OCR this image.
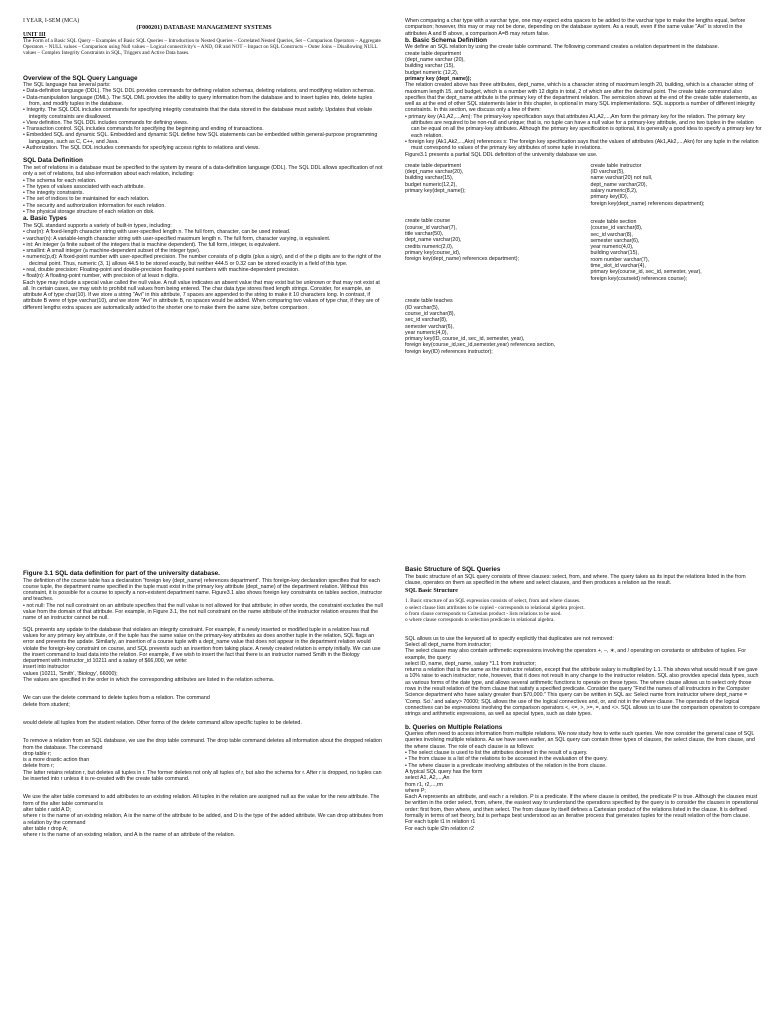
I YEAR, I-SEM (MCA)

(F000201) DATABASE MANAGEMENT SYSTEMS

UNIT III

The Form of a Basic SQL Query – Examples of Basic SQL Queries – Introduction to Nested Queries – Correlated Nested Queries, Set – Comparison Operators – Aggregate Operators – NULL values – Comparison using Null values – Logical connectivity's – AND, OR and NOT – Impact on SQL Constructs – Outer Joins – Disallowing NULL values – Complex Integrity Constraints in SQL, Triggers and Active Data bases.

Overview of the SQL Query Language

The SQL language has several parts:

• Data-definition language (DDL). The SQL DDL provides commands for defining relation schemas, deleting relations, and modifying relation schemas.

• Data-manipulation language (DML). The SQL DML provides the ability to query information from the database and to insert tuples into, delete tuples from, and modify tuples in the database.

• Integrity. The SQL DDL includes commands for specifying integrity constraints that the data stored in the database must satisfy. Updates that violate integrity constraints are disallowed.

• View definition. The SQL DDL includes commands for defining views.

• Transaction control. SQL includes commands for specifying the beginning and ending of transactions.

• Embedded SQL and dynamic SQL. Embedded and dynamic SQL define how SQL statements can be embedded within general-purpose programming languages, such as C, C++, and Java.

• Authorization. The SQL DDL includes commands for specifying access rights to relations and views.

SQL Data Definition

The set of relations in a database must be specified to the system by means of a data-definition language (DDL). The SQL DDL allows specification of not only a set of relations, but also information about each relation, including:

• The schema for each relation.

• The types of values associated with each attribute.

• The integrity constraints.

• The set of indices to be maintained for each relation.

• The security and authorization information for each relation.

• The physical storage structure of each relation on disk.

a. Basic Types

The SQL standard supports a variety of built-in types, including:

• char(n): A fixed-length character string with user-specified length n. The full form, character, can be used instead.

• varchar(n): A variable-length character string with user-specified maximum length n. The full form, character varying, is equivalent.

• int: An integer (a finite subset of the integers that is machine dependent). The full form, integer, is equivalent.

• smallint: A small integer (a machine-dependent subset of the integer type).

• numeric(p,d): A fixed-point number with user-specified precision. The number consists of p digits (plus a sign), and d of the p digits are to the right of the decimal point. Thus, numeric (3, 1) allows 44.5 to be stored exactly, but neither 444.5 or 0.32 can be stored exactly in a field of this type.

• real, double precision: Floating-point and double-precision floating-point numbers with machine-dependent precision.

• float(n): A floating-point number, with precision of at least n digits.

Each type may include a special value called the null value. A null value indicates an absent value that may exist but be unknown or that may not exist at all. In certain cases, we may wish to prohibit null values from being entered. The char data type stores fixed length strings. Consider, for example, an attribute A of type char(10). If we store a string "Avi" in this attribute, 7 spaces are appended to the string to make it 10 characters long. In contrast, if attribute B were of type varchar(10), and we store "Avi" in attribute B, no spaces would be added. When comparing two values of type char, if they are of different lengths extra spaces are automatically added to the shorter one to make them the same size, before comparison.

When comparing a char type with a varchar type, one may expect extra spaces to be added to the varchar type to make the lengths equal, before comparison; however, this may or may not be done, depending on the database system. As a result, even if the same value "Avi" is stored in the attributes A and B above, a comparison A=B may return false.

b. Basic Schema Definition

We define an SQL relation by using the create table command. The following command creates a relation department in the database.

create table department

(dept_name varchar (20),

building varchar (15),

budget numeric (12,2),

primary key (dept_name));

The relation created above has three attributes, dept_name, which is a character string of maximum length 20, building, which is a character string of maximum length 15, and budget, which is a number with 12 digits in total, 2 of which are after the decimal point. The create table command also specifies that the dept_name attribute is the primary key of the department relation. The semicolon shown at the end of the create table statements, as well as at the end of other SQL statements later in this chapter, is optional in many SQL implementations. SQL supports a number of different integrity constraints. In this section, we discuss only a few of them:

• primary key (A1,A2,...,Am): The primary-key specification says that attributes A1,A2,...,Am form the primary key for the relation. The primary key attributes are required to be non-null and unique; that is, no tuple can have a null value for a primary-key attribute, and no two tuples in the relation can be equal on all the primary-key attributes. Although the primary key specification is optional, it is generally a good idea to specify a primary key for each relation.

• foreign key (Ak1,Ak2,...,Akn) references s: The foreign key specification says that the values of attributes (Ak1,Ak2,...,Akn) for any tuple in the relation must correspond to values of the primary key attributes of some tuple in relations.

Figure3.1 presents a partial SQL DDL definition of the university database we use.

create table department

(dept_name varchar(20),

building varchar(15),

budget numeric(12,2),

primary key(dept_name));

create table course

(course_id varchar(7),

title varchar(50),

dept_name varchar(20),

credits numeric(2,0),

primary key(course_id),

foreign key(dept_name) references department);

create table teaches

(ID varchar(5),

course_id varchar(8),

sec_id varchar(8),

semester varchar(6),

year numeric(4,0),

primary key(ID, course_id, sec_id, semester, year),

foreign key(course_id,sec_id,semester,year) references section,

foreign key(ID) references instructor);

create table instructor

(ID varchar(5),

name varchar(20) not null,

dept_name varchar(20),

salary numeric(8,2),

primary key(ID),

foreign key(dept_name) references department);

create table section

(course_id varchar(8),

sec_id varchar(8),

semester varchar(6),

year numeric(4,0),

building varchar(15),

room number varchar(7),

time_slot_id varchar(4),

primary key(course_id, sec_id, semester, year),

foreign key(courseid) references course);

Figure 3.1 SQL data definition for part of the university database.

The definition of the course table has a declaration "foreign key (dept_name) references department". This foreign-key declaration specifies that for each course tuple, the department name specified in the tuple must exist in the primary key attribute (dept_name) of the department relation. Without this constraint, it is possible for a course to specify a non-existent department name. Figure3.1 also shows foreign key constraints on tables section, instructor and teaches.

• not null: The not null constraint on an attribute specifies that the null value is not allowed for that attribute; in other words, the constraint excludes the null value from the domain of that attribute. For example, in Figure 3.1, the not null constraint on the name attribute of the instructor relation ensures that the name of an instructor cannot be null.

SQL prevents any update to the database that violates an integrity constraint. For example, if a newly inserted or modified tuple in a relation has null values for any primary key attribute, or if the tuple has the same value on the primary-key attributes as does another tuple in the relation, SQL flags an error and prevents the update. Similarly, an insertion of a course tuple with a dept_name value that does not appear in the department relation would violate the foreign-key constraint on course, and SQL prevents such an insertion from taking place. A newly created relation is empty initially. We can use the insert command to load data into the relation. For example, if we wish to insert the fact that there is an instructor named Smith in the Biology department with instructor_id 10211 and a salary of $66,000, we write:

insert into instructor

values (10211, 'Smith', 'Biology', 66000);

The values are specified in the order in which the corresponding attributes are listed in the relation schema.

We can use the delete command to delete tuples from a relation. The command

delete from student;

would delete all tuples from the student relation. Other forms of the delete command allow specific tuples to be deleted.

To remove a relation from an SQL database, we use the drop table command. The drop table command deletes all information about the dropped relation from the database. The command

drop table r;

is a more drastic action than

delete from r;

The latter retains relation r, but deletes all tuples in r. The former deletes not only all tuples of r, but also the schema for r. After r is dropped, no tuples can be inserted into r unless it is re-created with the create table command.

We use the alter table command to add attributes to an existing relation. All tuples in the relation are assigned null as the value for the new attribute. The form of the alter table command is

alter table r add A D;

where r is the name of an existing relation, A is the name of the attribute to be added, and D is the type of the added attribute. We can drop attributes from a relation by the command

alter table r drop A;

where r is the name of an existing relation, and A is the name of an attribute of the relation.

Basic Structure of SQL Queries

The basic structure of an SQL query consists of three clauses: select, from, and where. The query takes as its input the relations listed in the from clause, operates on them as specified in the where and select clauses, and then produces a relation as the result.

SQL Basic Structure

1. Basic structure of an SQL expression consists of select, from and where clauses.

o select clause lists attributes to be copied - corresponds to relational algebra project.

o from clause corresponds to Cartesian product - lists relations to be used.

o where clause corresponds to selection predicate in relational algebra.

SQL allows us to use the keyword all to specify explicitly that duplicates are not removed:

Select all dept_name from instructor;

The select clause may also contain arithmetic expressions involving the operators +, −, ∗, and / operating on constants or attributes of tuples. For example, the query:

select ID, name, dept_name, salary *1.1 from instructor;

returns a relation that is the same as the instructor relation, except that the attribute salary is multiplied by 1.1. This shows what would result if we gave a 10% raise to each instructor; note, however, that it does not result in any change to the instructor relation. SQL also provides special data types, such as various forms of the date type, and allows several arithmetic functions to operate on these types. The where clause allows us to select only those rows in the result relation of the from clause that satisfy a specified predicate. Consider the query "Find the names of all instructors in the Computer Science department who have salary greater than $70,000." This query can be written in SQL as: Select name from instructor where dept_name = 'Comp. Sci.' and salary> 70000; SQL allows the use of the logical connectives and, or, and not in the where clause. The operands of the logical connectives can be expressions involving the comparison operators <, <=, >, >=, =, and <>. SQL allows us to use the comparison operators to compare strings and arithmetic expressions, as well as special types, such as date types.

b. Queries on Multiple Relations

Queries often need to access information from multiple relations. We now study how to write such queries. We now consider the general case of SQL queries involving multiple relations. As we have seen earlier, an SQL query can contain three types of clauses, the select clause, the from clause, and the where clause. The role of each clause is as follows:

• The select clause is used to list the attributes desired in the result of a query.

• The from clause is a list of the relations to be accessed in the evaluation of the query.

• The where clause is a predicate involving attributes of the relation in the from clause.

A typical SQL query has the form

select A1, A2,...,An

from r1, r2,...,rm

where P;

Each A represents an attribute, and each r a relation. P is a predicate. If the where clause is omitted, the predicate P is true. Although the clauses must be written in the order select, from, where, the easiest way to understand the operations specified by the query is to consider the clauses in operational order: first from, then where, and then select. The from clause by itself defines a Cartesian product of the relations listed in the clause. It is defined formally in terms of set theory, but is perhaps best understood as an iterative process that generates tuples for the result relation of the from clause.

For each tuple t1 in relation r1

For each tuple t2in relation r2
